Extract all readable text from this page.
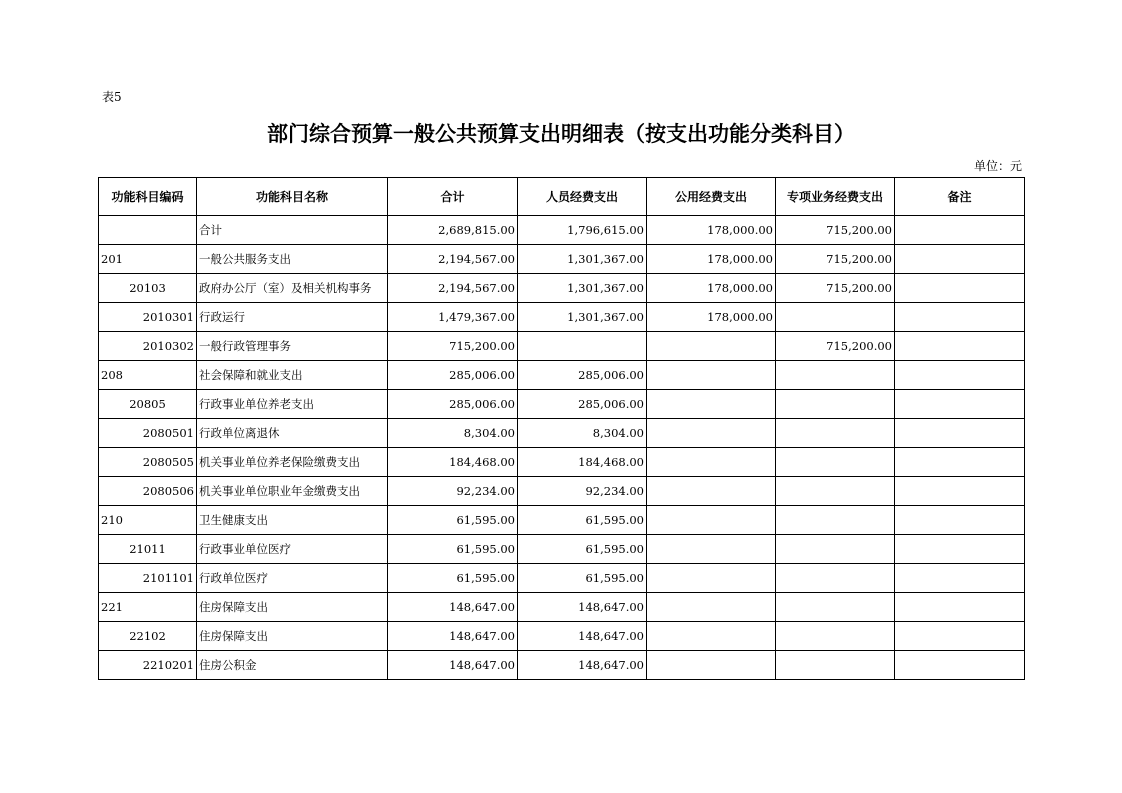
表5
部门综合预算一般公共预算支出明细表（按支出功能分类科目）
单位：元
功能科目编码	功能科目名称	合计	人员经费支出	公用经费支出	专项业务经费支出	备注
	合计	2,689,815.00	1,796,615.00	178,000.00	715,200.00	
201	一般公共服务支出	2,194,567.00	1,301,367.00	178,000.00	715,200.00	
20103	政府办公厅（室）及相关机构事务	2,194,567.00	1,301,367.00	178,000.00	715,200.00	
2010301	行政运行	1,479,367.00	1,301,367.00	178,000.00		
2010302	一般行政管理事务	715,200.00			715,200.00	
208	社会保障和就业支出	285,006.00	285,006.00			
20805	行政事业单位养老支出	285,006.00	285,006.00			
2080501	行政单位离退休	8,304.00	8,304.00			
2080505	机关事业单位养老保险缴费支出	184,468.00	184,468.00			
2080506	机关事业单位职业年金缴费支出	92,234.00	92,234.00			
210	卫生健康支出	61,595.00	61,595.00			
21011	行政事业单位医疗	61,595.00	61,595.00			
2101101	行政单位医疗	61,595.00	61,595.00			
221	住房保障支出	148,647.00	148,647.00			
22102	住房保障支出	148,647.00	148,647.00			
2210201	住房公积金	148,647.00	148,647.00			
